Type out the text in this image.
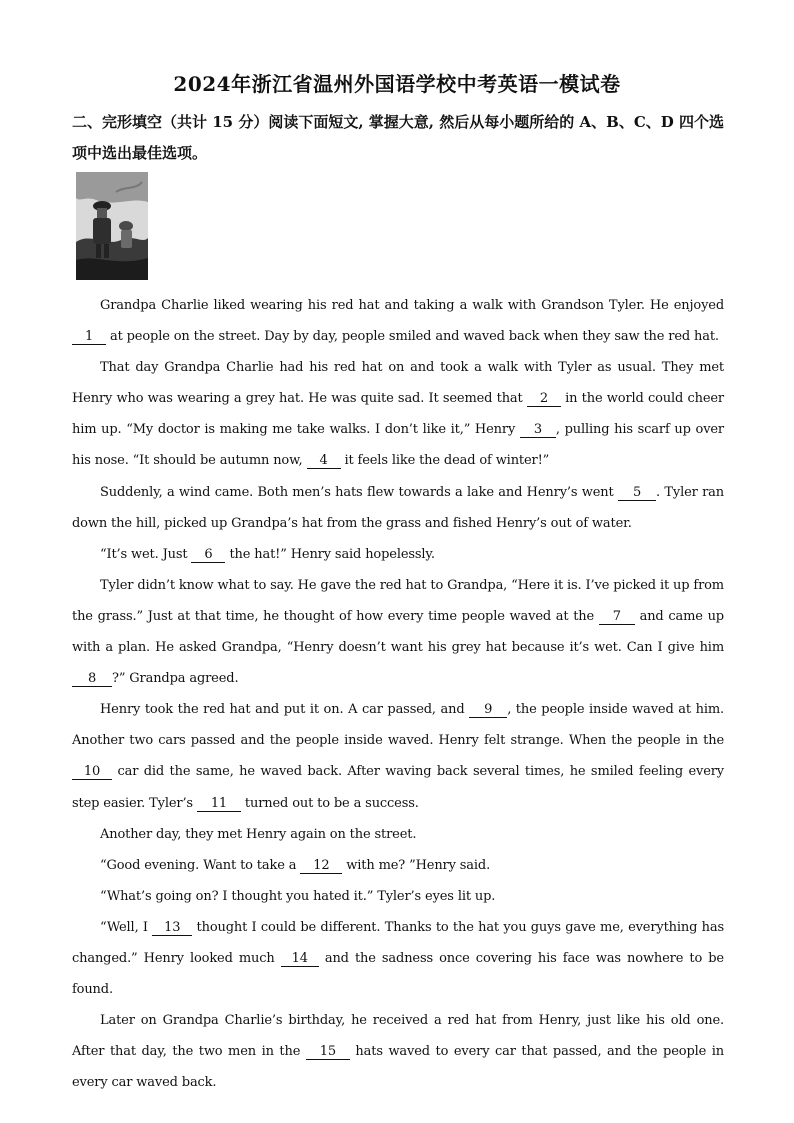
2024年浙江省温州外国语学校中考英语一模试卷
二、完形填空（共计 15 分）阅读下面短文, 掌握大意, 然后从每小题所给的 A、B、C、D 四个选项中选出最佳选项。

Grandpa Charlie liked wearing his red hat and taking a walk with Grandson Tyler. He enjoyed 1 at people on the street. Day by day, people smiled and waved back when they saw the red hat.

That day Grandpa Charlie had his red hat on and took a walk with Tyler as usual. They met Henry who was wearing a grey hat. He was quite sad. It seemed that 2 in the world could cheer him up. “My doctor is making me take walks. I don’t like it,” Henry 3 , pulling his scarf up over his nose. “It should be autumn now, 4 it feels like the dead of winter!”

Suddenly, a wind came. Both men’s hats flew towards a lake and Henry’s went 5 . Tyler ran down the hill, picked up Grandpa’s hat from the grass and fished Henry’s out of water.

“It’s wet. Just 6 the hat!” Henry said hopelessly.

Tyler didn’t know what to say. He gave the red hat to Grandpa, “Here it is. I’ve picked it up from the grass.” Just at that time, he thought of how every time people waved at the 7 and came up with a plan. He asked Grandpa, “Henry doesn’t want his grey hat because it’s wet. Can I give him 8 ?” Grandpa agreed.

Henry took the red hat and put it on. A car passed, and 9 , the people inside waved at him. Another two cars passed and the people inside waved. Henry felt strange. When the people in the 10 car did the same, he waved back. After waving back several times, he smiled feeling every step easier. Tyler’s 11 turned out to be a success.

Another day, they met Henry again on the street.

“Good evening. Want to take a 12 with me? ”Henry said.

“What’s going on? I thought you hated it.” Tyler’s eyes lit up.

“Well, I 13 thought I could be different. Thanks to the hat you guys gave me, everything has changed.” Henry looked much 14 and the sadness once covering his face was nowhere to be found.

Later on Grandpa Charlie’s birthday, he received a red hat from Henry, just like his old one. After that day, the two men in the 15 hats waved to every car that passed, and the people in every car waved back.
